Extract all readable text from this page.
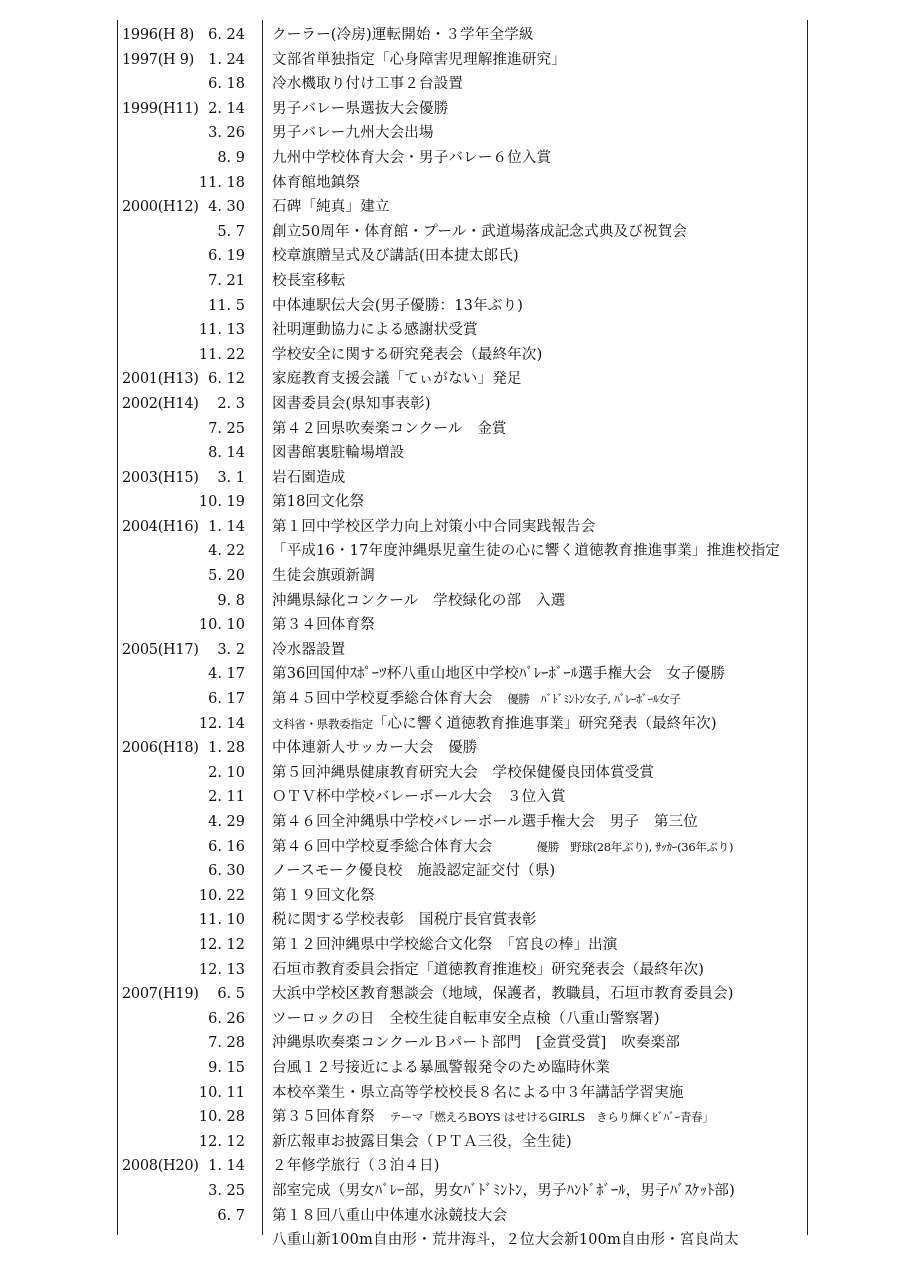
1996(H 8) 6. 24 クーラー(冷房)運転開始・３学年全学級
1997(H 9) 1. 24 文部省単独指定「心身障害児理解推進研究」
6. 18 冷水機取り付け工事２台設置
1999(H11) 2. 14 男子バレー県選抜大会優勝
3. 26 男子バレー九州大会出場
8. 9 九州中学校体育大会・男子バレー６位入賞
11. 18 体育館地鎮祭
2000(H12) 4. 30 石碑「純真」建立
5. 7 創立50周年・体育館・プール・武道場落成記念式典及び祝賀会
6. 19 校章旗贈呈式及び講話(田本捷太郎氏)
7. 21 校長室移転
11. 5 中体連駅伝大会(男子優勝：13年ぶり)
11. 13 社明運動協力による感謝状受賞
11. 22 学校安全に関する研究発表会（最終年次)
2001(H13) 6. 12 家庭教育支援会議「てぃがない」発足
2002(H14)	2. 3 図書委員会(県知事表彰)
7. 25 第４２回県吹奏楽コンクール　金賞
8. 14 図書館裏駐輪場増設
2003(H15)	3. 1 岩石園造成
10. 19 第18回文化祭
2004(H16) 1. 14 第１回中学校区学力向上対策小中合同実践報告会
4. 22 「平成16・17年度沖縄県児童生徒の心に響く道徳教育推進事業」推進校指定
5. 20 生徒会旗頭新調
9. 8 沖縄県緑化コンクール　学校緑化の部　入選
10. 10 第３４回体育祭
2005(H17)	3. 2 冷水器設置
4. 17 第36回国仲ｽﾎﾟｰﾂ杯八重山地区中学校ﾊﾞﾚｰﾎﾞｰﾙ選手権大会　女子優勝
6. 17 第４５回中学校夏季総合体育大会　優勝　ﾊﾞﾄﾞﾐﾝﾄﾝ女子, ﾊﾞﾚｰﾎﾞｰﾙ女子
12. 14 文科省・県教委指定「心に響く道徳教育推進事業」研究発表（最終年次)
2006(H18) 1. 28 中体連新人サッカー大会　優勝
2. 10 第５回沖縄県健康教育研究大会　学校保健優良団体賞受賞
2. 11 ＯＴＶ杯中学校バレーボール大会　３位入賞
4. 29 第４６回全沖縄県中学校バレーボール選手権大会　男子　第三位
6. 16 第４６回中学校夏季総合体育大会　　　優勝　野球(28年ぶり), ｻｯｶｰ(36年ぶり)
6. 30 ノースモーク優良校　施設認定証交付（県)
10. 22 第１９回文化祭
11. 10 税に関する学校表彰　国税庁長官賞表彰
12. 12 第１２回沖縄県中学校総合文化祭　「宮良の棒」出演
12. 13 石垣市教育委員会指定「道徳教育推進校」研究発表会（最終年次)
2007(H19)	6. 5 大浜中学校区教育懇談会（地域，保護者，教職員，石垣市教育委員会)
6. 26 ツーロックの日　全校生徒自転車安全点検（八重山警察署)
7. 28 沖縄県吹奏楽コンクールＢパート部門　[金賞受賞]　吹奏楽部
9. 15 台風１２号接近による暴風警報発令のため臨時休業
10. 11 本校卒業生・県立高等学校校長８名による中３年講話学習実施
10. 28 第３５回体育祭　テーマ「燃えろBOYS はせけるGIRLS　きらり輝くﾋﾞﾊﾞｰ青春」
12. 12 新広報車お披露目集会（ＰＴＡ三役，全生徒)
2008(H20) 1. 14 ２年修学旅行（３泊４日)
3. 25 部室完成（男女ﾊﾞﾚｰ部，男女ﾊﾞﾄﾞﾐﾝﾄﾝ，男子ﾊﾝﾄﾞﾎﾞｰﾙ，男子ﾊﾞｽｹｯﾄ部)
6. 7 第１８回八重山中体連水泳競技大会
八重山新100m自由形・荒井海斗，２位大会新100m自由形・宮良尚太
